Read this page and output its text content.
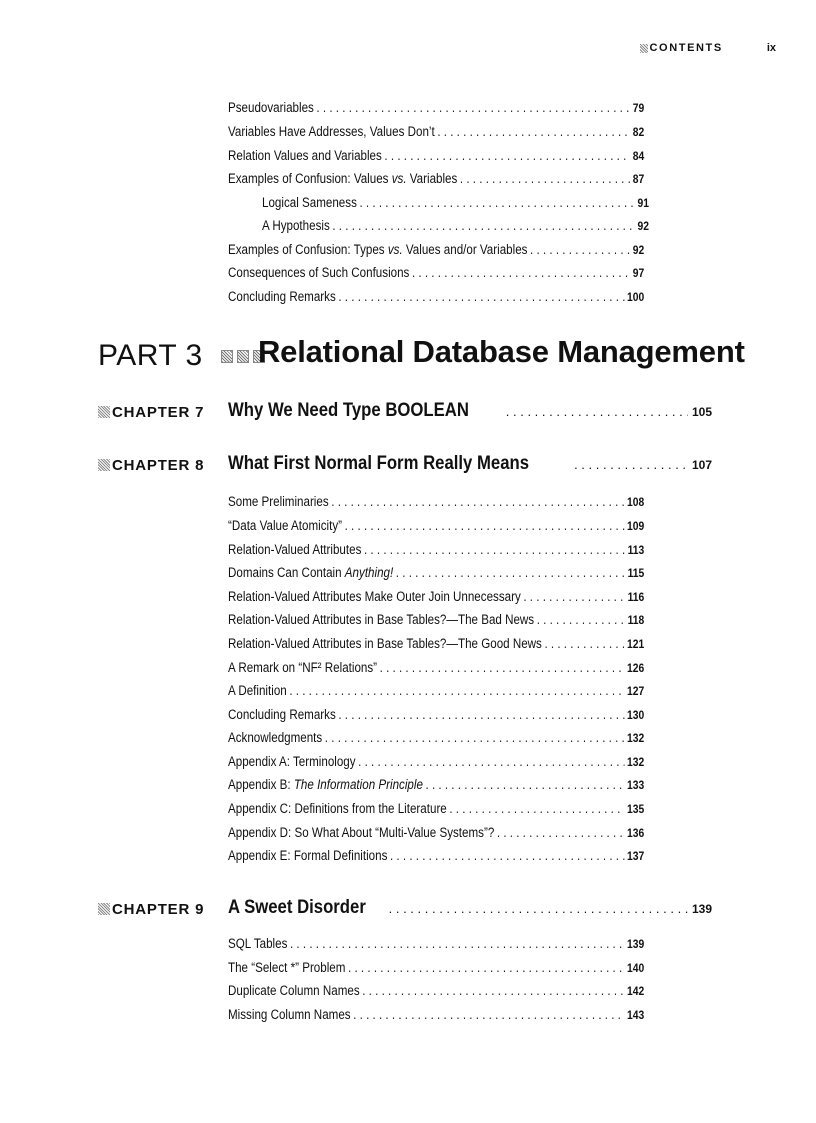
CONTENTS	ix
Pseudovariables . . .	79
Variables Have Addresses, Values Don’t . . .	82
Relation Values and Variables . . .	84
Examples of Confusion: Values vs. Variables . . .	87
Logical Sameness . . .	91
A Hypothesis . . .	92
Examples of Confusion: Types vs. Values and/or Variables . . .	92
Consequences of Such Confusions . . .	97
Concluding Remarks . . .	100
PART 3 Relational Database Management
CHAPTER 7 Why We Need Type BOOLEAN . . .	105
CHAPTER 8 What First Normal Form Really Means . . .	107
Some Preliminaries . . .	108
“Data Value Atomicity” . . .	109
Relation-Valued Attributes . . .	113
Domains Can Contain Anything! . . .	115
Relation-Valued Attributes Make Outer Join Unnecessary . . .	116
Relation-Valued Attributes in Base Tables?—The Bad News . . .	118
Relation-Valued Attributes in Base Tables?—The Good News . . .	121
A Remark on “NF² Relations” . . .	126
A Definition . . .	127
Concluding Remarks . . .	130
Acknowledgments . . .	132
Appendix A: Terminology . . .	132
Appendix B: The Information Principle . . .	133
Appendix C: Definitions from the Literature . . .	135
Appendix D: So What About “Multi-Value Systems”? . . .	136
Appendix E: Formal Definitions . . .	137
CHAPTER 9 A Sweet Disorder . . .	139
SQL Tables . . .	139
The “Select *” Problem . . .	140
Duplicate Column Names . . .	142
Missing Column Names . . .	143
